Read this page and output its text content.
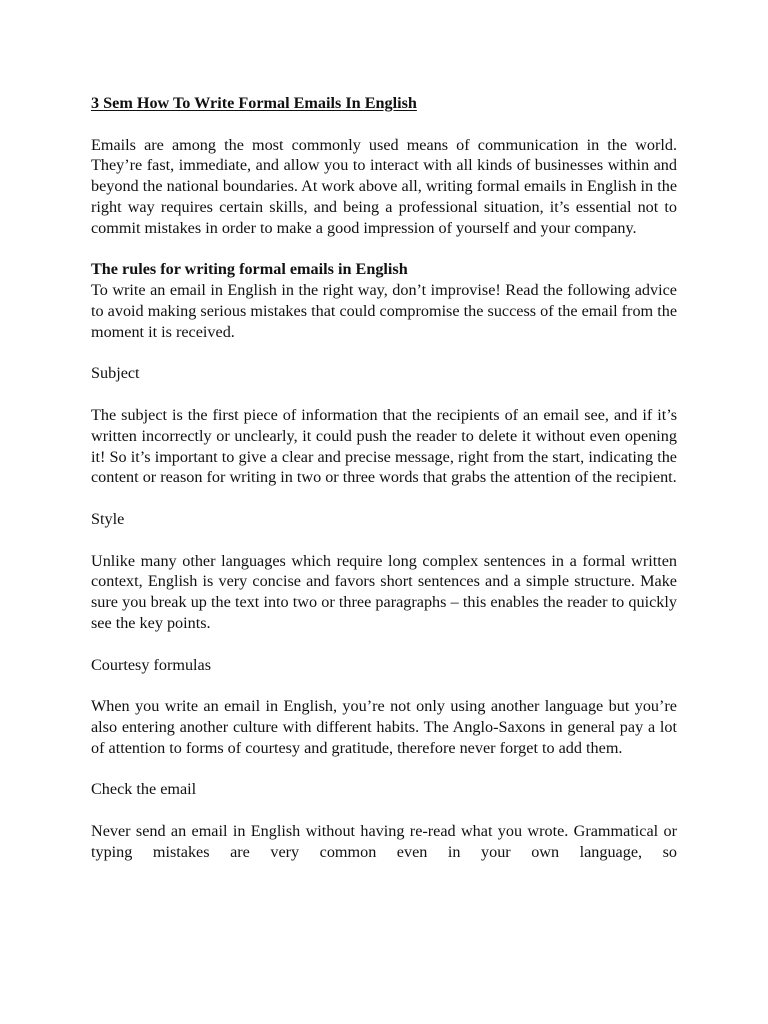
3 Sem How To Write Formal Emails In English

Emails are among the most commonly used means of communication in the world. They’re fast, immediate, and allow you to interact with all kinds of businesses within and beyond the national boundaries. At work above all, writing formal emails in English in the right way requires certain skills, and being a professional situation, it’s essential not to commit mistakes in order to make a good impression of yourself and your company.

The rules for writing formal emails in English

To write an email in English in the right way, don’t improvise! Read the following advice to avoid making serious mistakes that could compromise the success of the email from the moment it is received.

Subject

The subject is the first piece of information that the recipients of an email see, and if it’s written incorrectly or unclearly, it could push the reader to delete it without even opening it! So it’s important to give a clear and precise message, right from the start, indicating the content or reason for writing in two or three words that grabs the attention of the recipient.

Style

Unlike many other languages which require long complex sentences in a formal written context, English is very concise and favors short sentences and a simple structure. Make sure you break up the text into two or three paragraphs – this enables the reader to quickly see the key points.

Courtesy formulas

When you write an email in English, you’re not only using another language but you’re also entering another culture with different habits. The Anglo-Saxons in general pay a lot of attention to forms of courtesy and gratitude, therefore never forget to add them.

Check the email

Never send an email in English without having re-read what you wrote. Grammatical or typing mistakes are very common even in your own language, so
